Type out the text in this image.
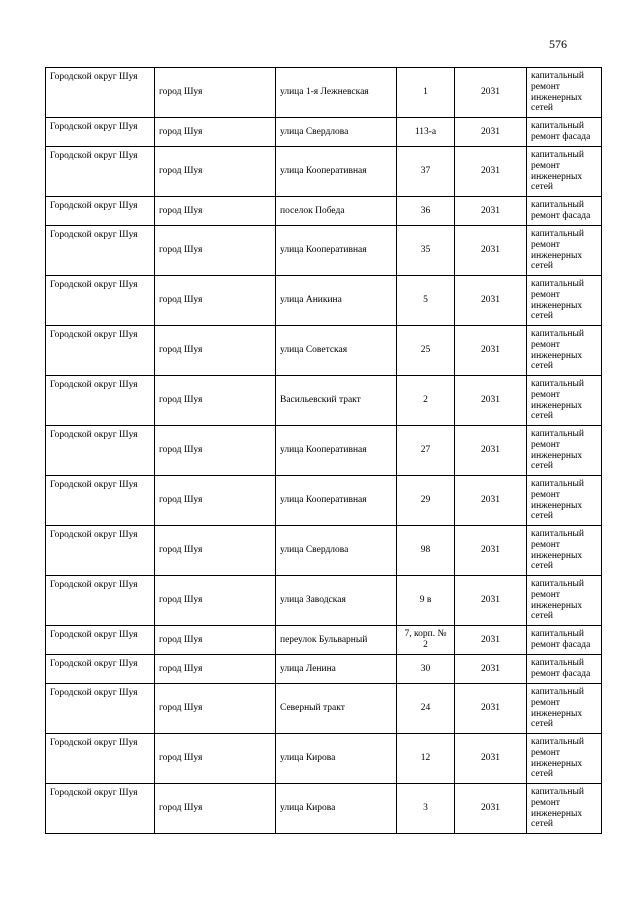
576
Городской округ Шуя	город Шуя	улица 1-я Лежневская	1	2031	капитальный ремонт инженерных сетей
Городской округ Шуя	город Шуя	улица Свердлова	113-а	2031	капитальный ремонт фасада
Городской округ Шуя	город Шуя	улица Кооперативная	37	2031	капитальный ремонт инженерных сетей
Городской округ Шуя	город Шуя	поселок Победа	36	2031	капитальный ремонт фасада
Городской округ Шуя	город Шуя	улица Кооперативная	35	2031	капитальный ремонт инженерных сетей
Городской округ Шуя	город Шуя	улица Аникина	5	2031	капитальный ремонт инженерных сетей
Городской округ Шуя	город Шуя	улица Советская	25	2031	капитальный ремонт инженерных сетей
Городской округ Шуя	город Шуя	Васильевский тракт	2	2031	капитальный ремонт инженерных сетей
Городской округ Шуя	город Шуя	улица Кооперативная	27	2031	капитальный ремонт инженерных сетей
Городской округ Шуя	город Шуя	улица Кооперативная	29	2031	капитальный ремонт инженерных сетей
Городской округ Шуя	город Шуя	улица Свердлова	98	2031	капитальный ремонт инженерных сетей
Городской округ Шуя	город Шуя	улица Заводская	9 в	2031	капитальный ремонт инженерных сетей
Городской округ Шуя	город Шуя	переулок Бульварный	7, корп. № 2	2031	капитальный ремонт фасада
Городской округ Шуя	город Шуя	улица Ленина	30	2031	капитальный ремонт фасада
Городской округ Шуя	город Шуя	Северный тракт	24	2031	капитальный ремонт инженерных сетей
Городской округ Шуя	город Шуя	улица Кирова	12	2031	капитальный ремонт инженерных сетей
Городской округ Шуя	город Шуя	улица Кирова	3	2031	капитальный ремонт инженерных сетей
